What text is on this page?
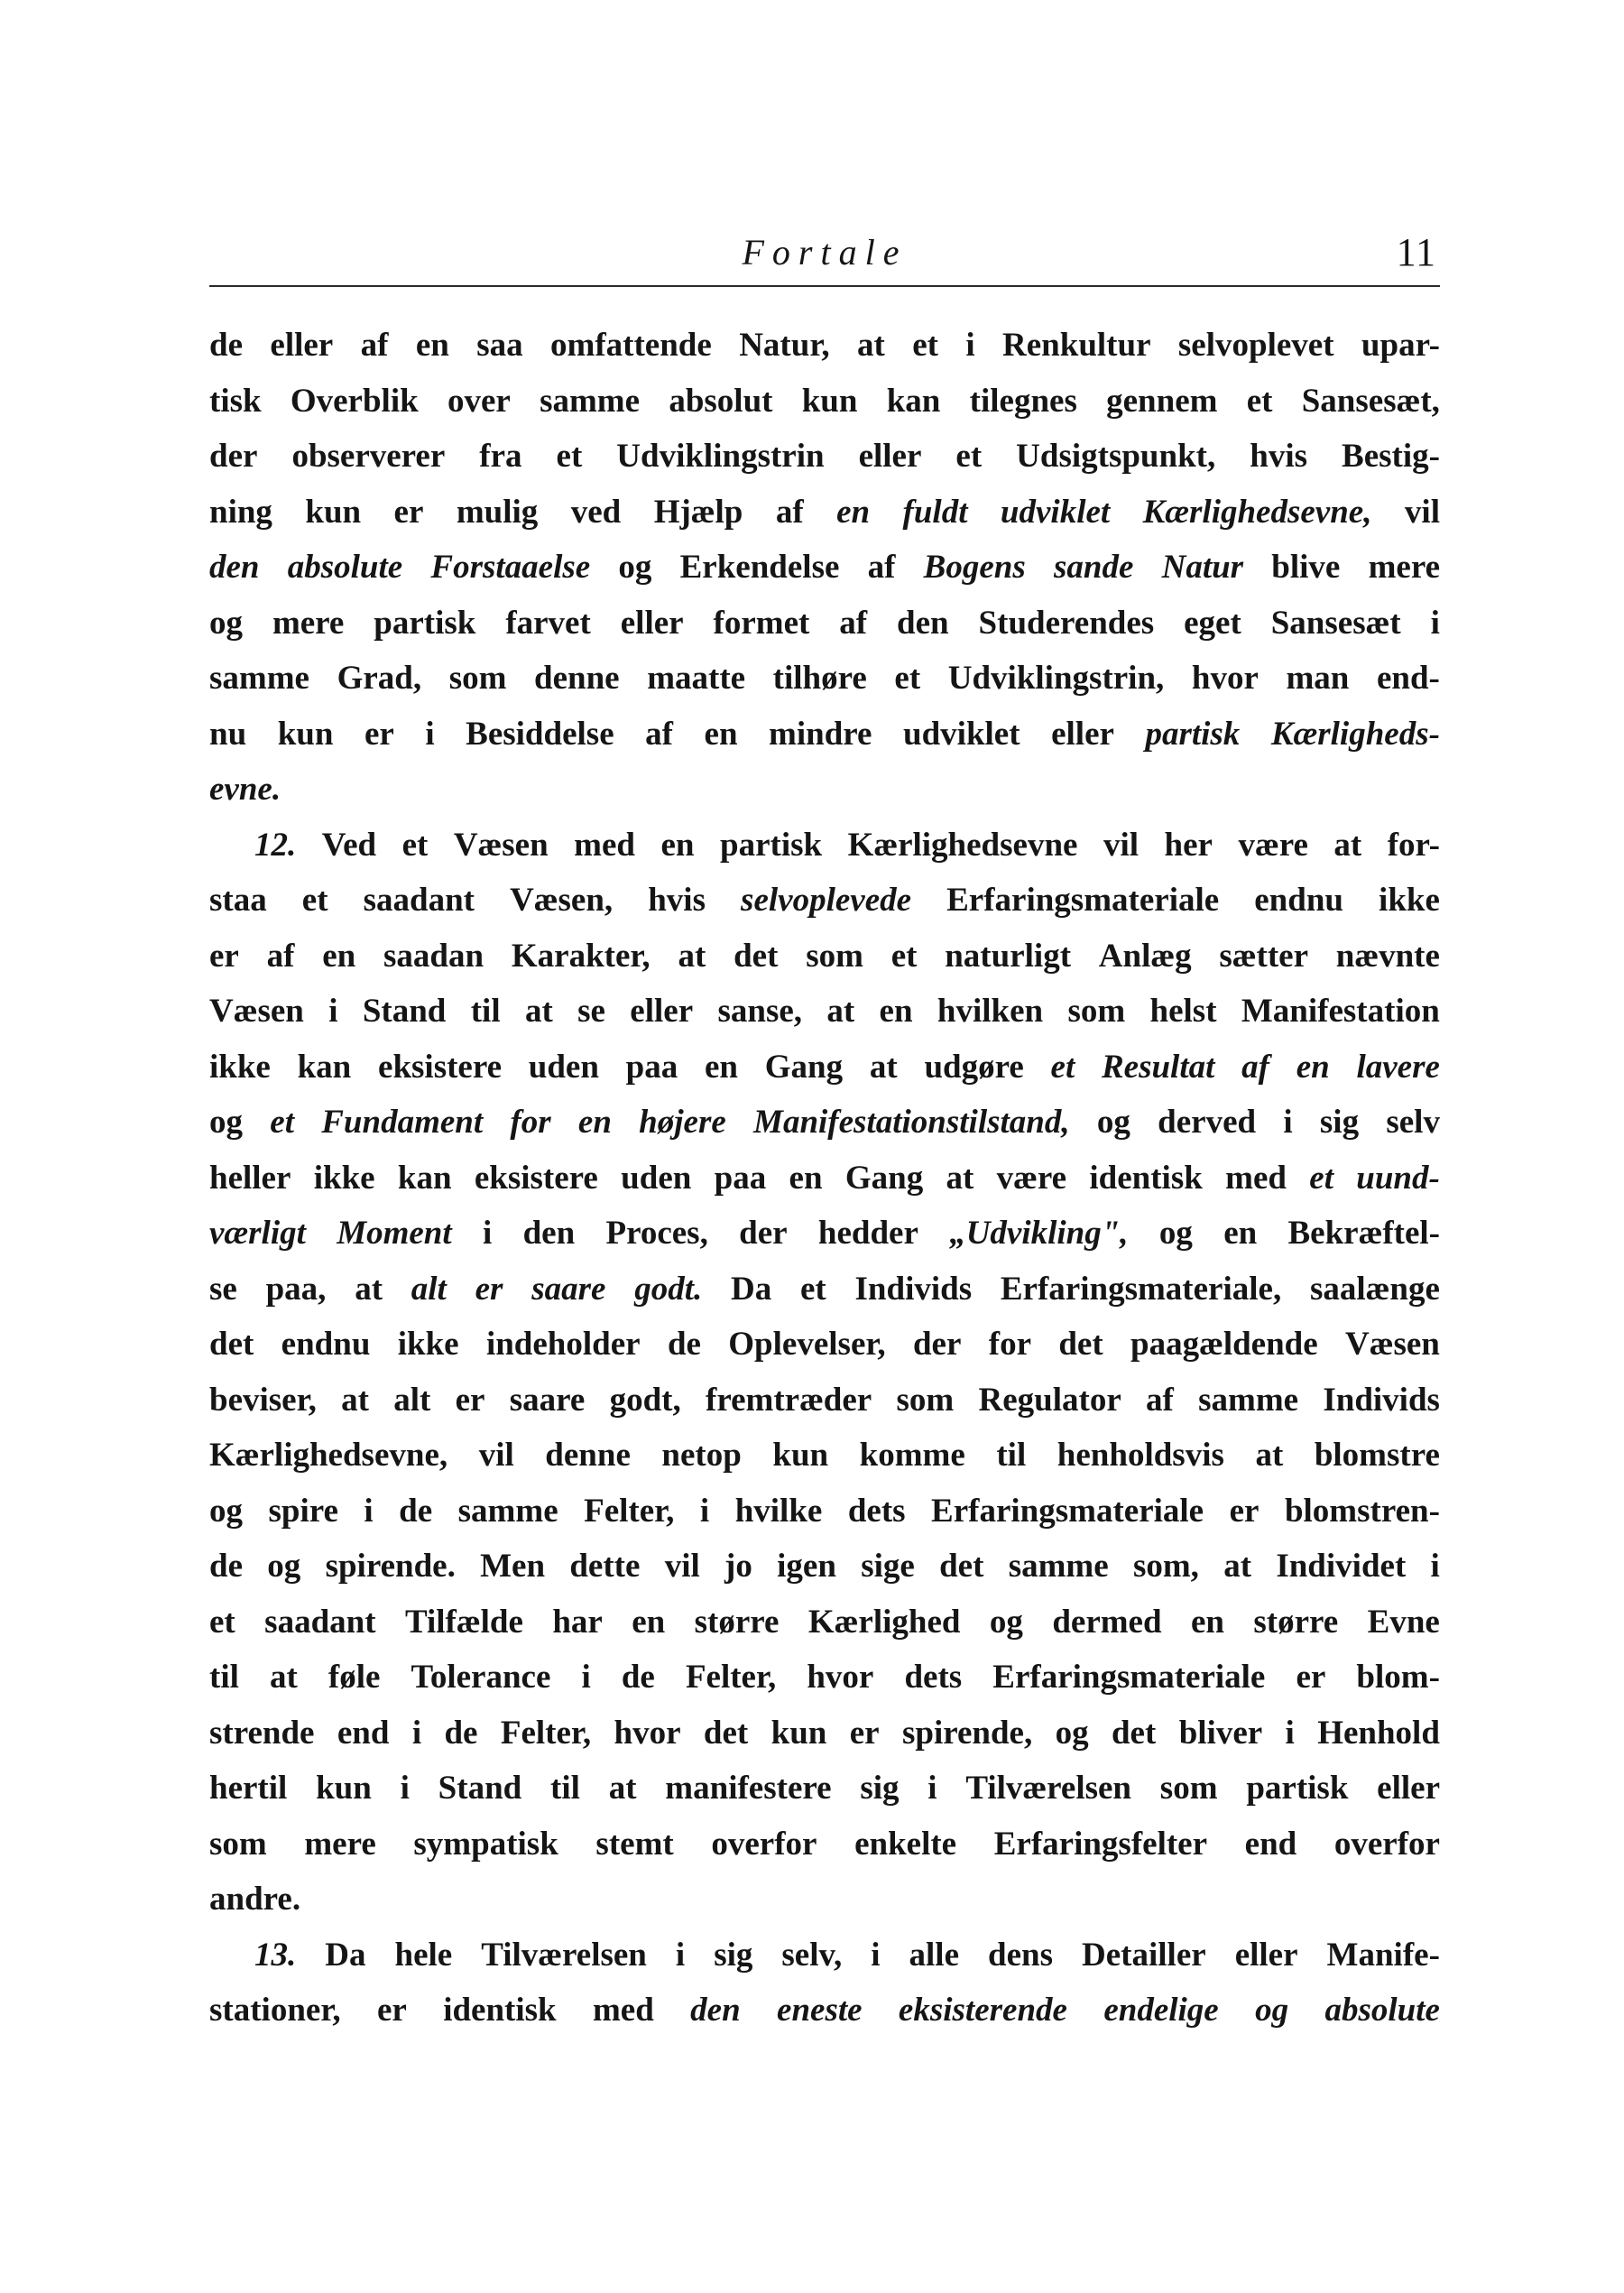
Fortale	11
de eller af en saa omfattende Natur, at et i Renkultur selvoplevet upar-
tisk Overblik over samme absolut kun kan tilegnes gennem et Sansesæt,
der observerer fra et Udviklingstrin eller et Udsigtspunkt, hvis Bestig-
ning kun er mulig ved Hjælp af en fuldt udviklet Kærlighedsevne, vil
den absolute Forstaaelse og Erkendelse af Bogens sande Natur blive mere
og mere partisk farvet eller formet af den Studerendes eget Sansesæt i
samme Grad, som denne maatte tilhøre et Udviklingstrin, hvor man end-
nu kun er i Besiddelse af en mindre udviklet eller partisk Kærligheds-
evne.
12. Ved et Væsen med en partisk Kærlighedsevne vil her være at for-
staa et saadant Væsen, hvis selvoplevede Erfaringsmateriale endnu ikke
er af en saadan Karakter, at det som et naturligt Anlæg sætter nævnte
Væsen i Stand til at se eller sanse, at en hvilken som helst Manifestation
ikke kan eksistere uden paa en Gang at udgøre et Resultat af en lavere
og et Fundament for en højere Manifestationstilstand, og derved i sig selv
heller ikke kan eksistere uden paa en Gang at være identisk med et uund-
værligt Moment i den Proces, der hedder „Udvikling", og en Bekræftel-
se paa, at alt er saare godt. Da et Individs Erfaringsmateriale, saalænge
det endnu ikke indeholder de Oplevelser, der for det paagældende Væsen
beviser, at alt er saare godt, fremtræder som Regulator af samme Individs
Kærlighedsevne, vil denne netop kun komme til henholdsvis at blomstre
og spire i de samme Felter, i hvilke dets Erfaringsmateriale er blomstren-
de og spirende. Men dette vil jo igen sige det samme som, at Individet i
et saadant Tilfælde har en større Kærlighed og dermed en større Evne
til at føle Tolerance i de Felter, hvor dets Erfaringsmateriale er blom-
strende end i de Felter, hvor det kun er spirende, og det bliver i Henhold
hertil kun i Stand til at manifestere sig i Tilværelsen som partisk eller
som mere sympatisk stemt overfor enkelte Erfaringsfelter end overfor
andre.
13. Da hele Tilværelsen i sig selv, i alle dens Detailler eller Manife-
stationer, er identisk med den eneste eksisterende endelige og absolute
